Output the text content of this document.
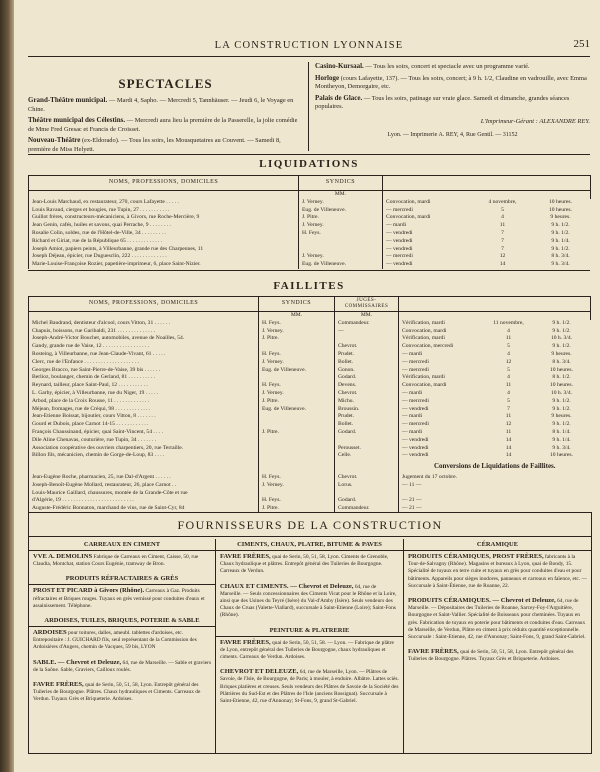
LA CONSTRUCTION LYONNAISE	251
SPECTACLES

Grand-Théâtre municipal. — Mardi 4, Sapho. — Mercredi 5, Tannhäuser. — Jeudi 6, le Voyage en Chine.

Théâtre municipal des Célestins. — Mercredi aura lieu la première de la Passerelle, la jolie comédie de Mme Fred Gresac et Francis de Croisset.

Nouveau-Théâtre (ex-Eldorado). — Tous les soirs, les Mousquetaires au Couvent. — Samedi 8, première de Miss Helyett.

Casino-Kursaal. — Tous les soirs, concert et spectacle avec un programme varié.

Horloge (cours Lafayette, 137). — Tous les soirs, concert; à 9 h. 1/2, Claudine en vadrouille, avec Emma Montheyon, Demorgaire, etc.

Palais de Glace. — Tous les soirs, patinage sur vraie glace. Samedi et dimanche, grandes séances populaires.

L'Imprimeur-Gérant : ALEXANDRE REY.
Lyon. — Imprimerie A. REY, 4, Rue Gentil. — 31152
LIQUIDATIONS
NOMS, PROFESSIONS, DOMICILES	SYNDICS			
	MM.			
Jean-Louis Marchaud, ex restaurateur, 270, cours Lafayette . . . . .	J. Verney.	Convocation, mardi	4 novembre,	10 heures.
Louis Ravaud, cierges et bougies, rue Tupin, 27 . . . . . . . . . . .	Eug. de Villeneuve.	— mercredi	5	10 heures.
Guillot frères, constructeurs-mécaniciens, à Givors, rue Roche-Mercière, 9	J. Pitre.	Convocation, mardi	4	9 heures.
Jean Genin, cafés, huiles et savons, quai Perrache, 9 . . . . . . . .	J. Verney.	— mardi	11	9 h. 1/2.
Rosalie Colin, soldes, rue de l'Hôtel-de-Ville, 34 . . . . . . . . .	H. Feys.	— vendredi	7	9 h. 1/2.
Richard et Giriat, rue de la République 65 . . . . . . . . . . . . .		— vendredi	7	9 h. 1/4.
Joseph Amiot, papiers peints, à Villeurbanne, grande rue des Charpennes, 11		— vendredi	7	9 h. 1/2.
Joseph Déjean, épicier, rue Duguesclin, 222 . . . . . . . . . . . . .	J. Verney.	— mercredi	12	8 h. 3/4.
Marie-Louise-Françoise Rozier, papetière-imprimeur, 6, place Saint-Nizier.	Eug. de Villeneuve.	— vendredi	14	9 h. 3/4.
FAILLITES
NOMS, PROFESSIONS, DOMICILES	SYNDICS	JUGES-COMMISSAIRES			
	MM.	MM.			
Michel Baudrand, dentisteur d'alcool, cours Vitton, 31 . . . . . .	H. Feys.	Commandeur.	Vérification, mardi	11 novembre,	9 h. 1/2.
Chapuis, boissons, rue Garibaldi, 231 . . . . . . . . . . . . . .	J. Verney.	—	Convocation, mardi	4	9 h. 1/2.
Joseph-André-Victor Bouchet, automobiles, avenue de Noailles, 54.	J. Pitre.		Vérification, mardi	11	10 h. 3/4.
Gandy, grande rue de Vaise, 12 . . . . . . . . . . . . . . . . .		Chevrot.	Convocation, mercredi	5	9 h. 1/2.
Rosteing, à Villeurbanne, rue Jean-Claude-Vivant, 61 . . . . .	H. Feys.	Prudet.	— mardi	4	9 heures.
Clerc, rue de l'Enfance . . . . . . . . . . . . . . . . . . . .	J. Verney.	Bollet.	— mercredi	12	8 h. 3/4.
Georges Bracco, rue Saint-Pierre-de-Vaise, 39 bis . . . . . .	Eug. de Villeneuve.	Gonon.	— mercredi	5	10 heures.
Berlioz, boulanger, chemin de Gerland, 81 . . . . . . . . . .		Godard.	Vérification, mardi	4	8 h. 1/2.
Reynard, tailleur, place Saint-Paul, 12 . . . . . . . . . . .	H. Feys.	Devens.	Convocation, mardi	11	10 heures.
L. Garby, épicier, à Villeurbanne, rue du Niger, 19 . . . . .	J. Verney.	Chevrot.	— mardi	4	10 h. 3/4.
Arbod, place de la Croix Rousse, 11 . . . . . . . . . . . . .	J. Pitre.	Michu.	— mercredi	5	9 h. 1/2.
Méjean, fromages, rue de Créqui, 98 . . . . . . . . . . . . .	Eug. de Villeneuve.	Broussin.	— vendredi	7	9 h. 1/2.
Jean-Etienne Boissat, bijoutier, cours Vitton, 8 . . . . . . .		Prudet.	— mardi	11	9 heures.
Gourd et Dubois, place Carnot 14-15 . . . . . . . . . . . .		Bollet.	— mercredi	12	9 h. 1/2.
François Chaussinand, épicier, quai Saint-Vincent, 54 . . . .	J. Pitre.	Godard.	— mardi	11	8 h. 1/4.
Dile Aline Chenavas, couturière, rue Tupin, 34 . . . . . . .			— vendredi	14	9 h. 1/4.
Association coopérative des ouvriers charpentiers, 20, rue Terraille.		Perousset.	— vendredi	14	9 h. 3/4.
Billon fils, mécanicien, chemin de Gorge-de-Loup, 83 . . . .		Celle.	— vendredi	14	10 heures.
			Conversions de Liquidations de Faillites.		
Jean-Eugène Roche, pharmacien, 25, rue Dal-d'Argent . . . . . .	H. Feys.	Chevrot.	Jugement du 17 octobre.		
Joseph-Benoît-Eugène Mollard, restaurateur, 26, place Carnot . .	J. Verney.	Lorus.	— 11 —		
Louis-Maurice Gaillard, chaussures, montée de la Grande-Côte et rue					
d'Algérie, 19 . . . . . . . . . . . . . . . . . . . . . . . . . .	H. Feys.	Godard.	— 21 —		
Auguste-Frédéric Bonnaton, marchand de vins, rue de Saint-Cyr, 84	J. Pitre.	Commandeur.	— 21 —		
FOURNISSEURS DE LA CONSTRUCTION
CARREAUX EN CIMENT

VVE A. DEMOLINS Fabrique de Carreaux en Ciment, Caisse, 50, rue Claudia, Montchat, station Cours Eugénie, tramway de Bron.

PRODUITS RÉFRACTAIRES & GRÈS

PROST ET PICARD à Givors (Rhône). Carreaux à Gaz. Produits réfractaires et Briques rouges. Tuyaux en grès vernissé pour conduites d'eaux et assainissement. Téléphone.

ARDOISES, TUILES, BRIQUES, POTERIE & SABLE

ARDOISES pour toitures, dalles, ameubl. tablettes d'ardoises, etc. Entrepositaire : J. GUICHARD fils, seul représentant de la Commission des Ardoisières d'Angers, chemin de Vacques, 59 bis, LYON

SABLE. — Chevrot et Deleuze, 64, rue de Marseille. — Sable et graviers de la Saône. Sable, Graviers, Cailloux roulés.

FAVRE FRÈRES, quai de Serin, 50, 51, 58, Lyon. Entrepôt général des Tuileries de Bourgogne. Plâtres. Chaux hydrauliques et Ciments. Carreaux de Verdun. Tuyaux Grès et Briqueterie. Ardoises.

CIMENTS, CHAUX, PLATRE, BITUME & PAVES

FAVRE FRÈRES, quai de Serin, 50, 51, 58, Lyon. Ciments de Grenoble, Chaux hydraulique et plâtres. Entrepôt général des Tuileries de Bourgogne. Carreaux de Verdun.

CHAUX ET CIMENTS. — Chevrot et Deleuze, 64, rue de Marseille. — Seuls concessionnaires des Ciments Vicat pour le Rhône et la Loire, ainsi que des Usines du Teyré (Isère) du Val-d'Amby (Isère). Seuls vendeurs des Chaux de Cruas (Valette-Viallard), succursale à Saint-Etienne (Loire); Saint-Fons (Rhône).

PEINTURE & PLATRERIE

FAVRE FRÈRES, quai de Serin, 50, 51, 58. — Lyon. — Fabrique de plâtre de Lyon, entrepôt général des Tuileries de Bourgogne, chaux hydrauliques et ciments. Carreaux de Verdun. Ardoises.

CHEVROT ET DELEUZE, 64, rue de Marseille, Lyon. — Plâtres de Savoie, de l'Isle, de Bourgogne, de Paris; à mouler, à enduire. Albâtre. Lattes sciés. Briques platières et creuses. Seuls vendeurs des Plâtres de Savoie de la Société des Plâtrières du Sud-Est et des Plâtres de l'Isle (anciens Rossignat). Succursale à Saint-Etienne, 42, rue d'Annonay; St-Fons, 9, grand St-Gabriel.

CÉRAMIQUE

PRODUITS CÉRAMIQUES, PROST FRÈRES, fabricants à la Tour-de-Salvagny (Rhône). Magasins et bureaux à Lyon, quai de Bondy, 15. Spécialité de tuyaux en terre cuite et tuyaux en grès pour conduites d'eau et pour bâtiments. Appareils pour sièges inodores, panneaux et carreaux en faïence, etc. — Succursale à Saint-Étienne, rue de Roanne, 22.

PRODUITS CÉRAMIQUES. — Chevrot et Deleuze, 64, rue de Marseille. — Dépositaires des Tuileries de Roanne, Sarcey-Foy-l'Arguitière, Bourgogne et Saint-Vallier. Spécialité de Boisseaux pour cheminées. Tuyaux en grès. Fabrication de tuyaux en poterie pour bâtiments et conduites d'eau. Carreaux de Marseille, de Verdun, Plâtre en ciment à prix réduits quantité exceptionnelle. Succursale : Saint-Etienne, 42, rue d'Annonay; Saint-Fons, 9, grand Saint-Gabriel.

FAVRE FRÈRES, quai de Serin, 50, 51, 58, Lyon. Entrepôt général des Tuileries de Bourgogne. Plâtres. Tuyaux Grès et Briqueterie. Ardoises.
